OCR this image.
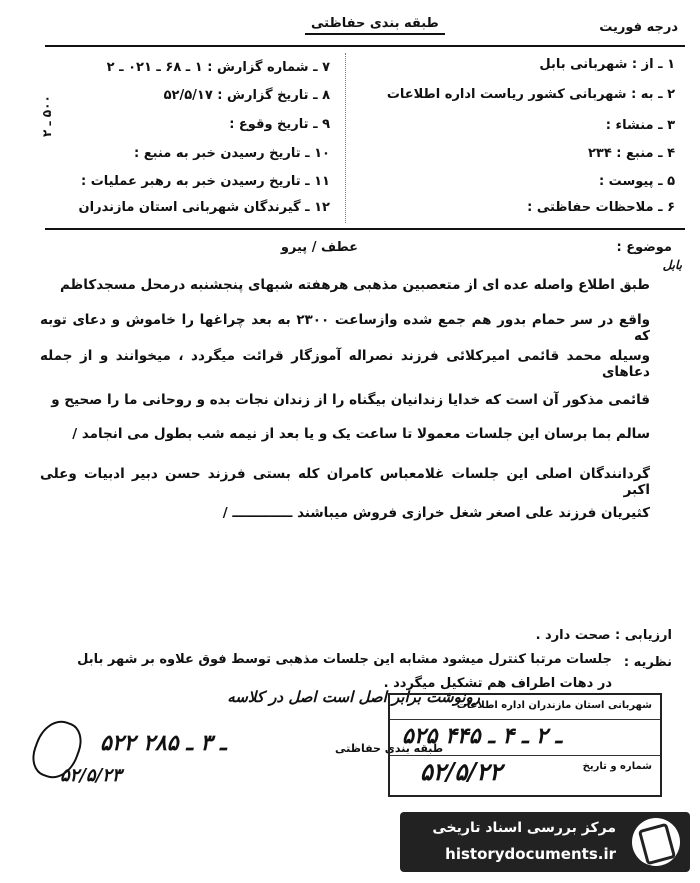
درجه فوریت
طبقه بندی حفاظتی
۱ ـ از : شهربانی بابل
۲ ـ به : شهربانی کشور ریاست اداره اطلاعات
۳ ـ منشاء :
۴ ـ منبع : ۲۳۴
۵ ـ پیوست :
۶ ـ ملاحظات حفاظتی :
۷ ـ شماره گزارش : ۱ ـ ۶۸ ـ ۰۲۱ ـ ۲
۸ ـ تاریخ گزارش : ۵۲/۵/۱۷
۹ ـ تاریخ وقوع :
۱۰ ـ تاریخ رسیدن خبر به منبع :
۱۱ ـ تاریخ رسیدن خبر به رهبر عملیات :
۱۲ ـ گیرندگان شهربانی استان مازندران
۵۰۰ ـ ۲
موضوع :
عطف / پیرو
بابل
طبق اطلاع واصله عده ای از متعصبین مذهبی هرهفته شبهای پنجشنبه درمحل مسجدکاظم
واقع در سر حمام بدور هم جمع شده وازساعت ۲۳۰۰ به بعد چراغها را خاموش و دعای توبه که
وسیله محمد قائمی امیرکلائی فرزند نصراله آموزگار قرائت میگردد ، میخوانند و از جمله دعاهای
قائمی مذکور آن است که خدایا زندانیان بیگناه را از زندان نجات بده و روحانی ما را صحیح و
سالم بما برسان این جلسات معمولا تا ساعت یک و یا بعد از نیمه شب بطول می انجامد /
گردانندگان اصلی این جلسات غلامعباس کامران کله بستی فرزند حسن دبیر ادبیات وعلی اکبر
کثیریان فرزند علی اصغر شغل خرازی فروش میباشند ـــــــــــــ /
ارزیابی : صحت دارد .
نظریه :
جلسات مرتبا کنترل میشود مشابه این جلسات مذهبی توسط فوق علاوه بر شهر بابل
در دهات اطراف هم تشکیل میگردد .
رونوشت برابر اصل است اصل در کلاسه
۵۲۲ ـ ۳ ـ ۲۸۵
۵۲/۵/۲۳
طبقه بندی حفاظتی
شهربانی استان مازندران اداره اطلاعات
۵۲۵ ـ ۲ ـ ۴ ـ ۴۴۵
شماره و تاریخ
۵۲/۵/۲۲
مرکز بررسی اسناد تاریخی
historydocuments.ir
